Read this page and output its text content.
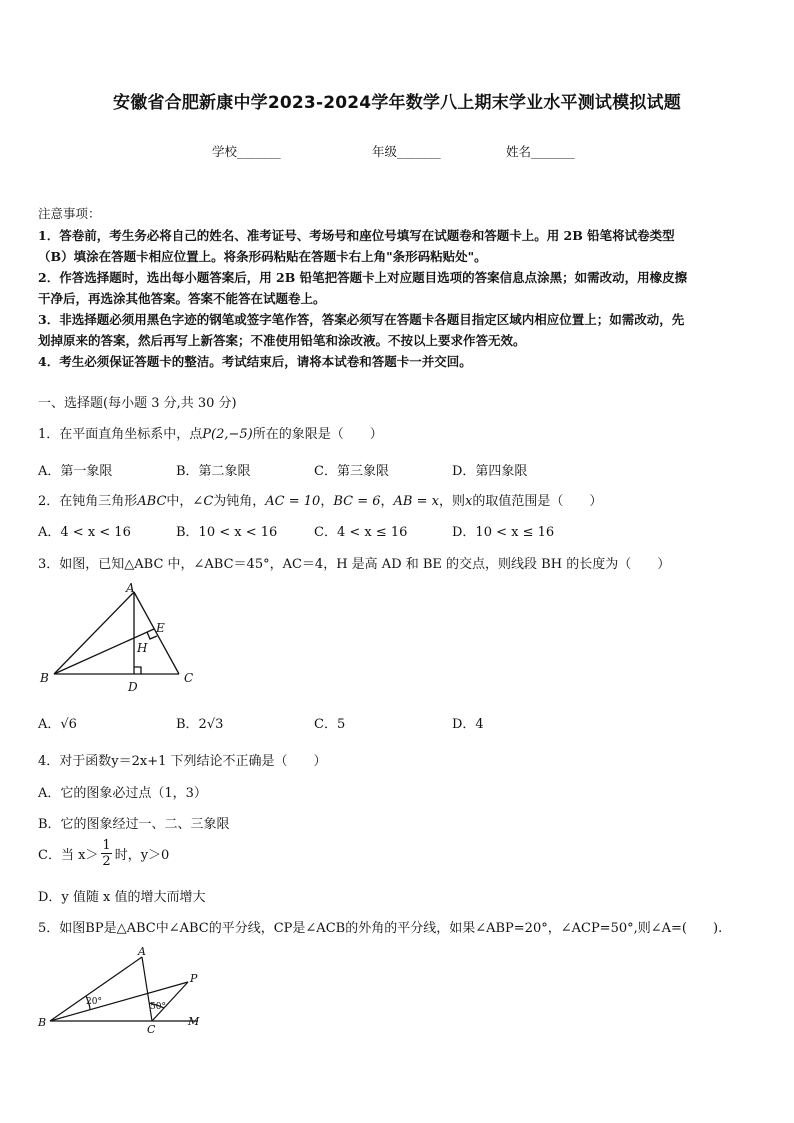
安徽省合肥新康中学2023-2024学年数学八上期末学业水平测试模拟试题
学校_______	年级_______	姓名_______
注意事项：
1．答卷前，考生务必将自己的姓名、准考证号、考场号和座位号填写在试题卷和答题卡上。用 2B 铅笔将试卷类型
（B）填涂在答题卡相应位置上。将条形码粘贴在答题卡右上角"条形码粘贴处"。
2．作答选择题时，选出每小题答案后，用 2B 铅笔把答题卡上对应题目选项的答案信息点涂黑；如需改动，用橡皮擦
干净后，再选涂其他答案。答案不能答在试题卷上。
3．非选择题必须用黑色字迹的钢笔或签字笔作答，答案必须写在答题卡各题目指定区域内相应位置上；如需改动，先
划掉原来的答案，然后再写上新答案；不准使用铅笔和涂改液。不按以上要求作答无效。
4．考生必须保证答题卡的整洁。考试结束后，请将本试卷和答题卡一并交回。
一、选择题(每小题 3 分,共 30 分)
1．在平面直角坐标系中，点P(2,−5)所在的象限是（　　）
A．第一象限	B．第二象限	C．第三象限	D．第四象限
2．在钝角三角形ABC中，∠C为钝角，AC = 10，BC = 6，AB = x，则x的取值范围是（　　）
A．4 < x < 16	B．10 < x < 16	C．4 < x ≤ 16	D．10 < x ≤ 16
3．如图，已知△ABC 中，∠ABC＝45°，AC＝4，H 是高 AD 和 BE 的交点，则线段 BH 的长度为（　　）
A
B	C
D
E
H
A．√6	B．2√3	C．5	D．4
4．对于函数y＝2x+1 下列结论不正确是（　　）
A．它的图象必过点（1，3）
B．它的图象经过一、二、三象限
C．当 x＞
1
2 时，y＞0
D．y 值随 x 值的增大而增大
5．如图BP是△ABC中∠ABC的平分线，CP是∠ACB的外角的平分线，如果∠ABP=20°，∠ACP=50°,则∠A=(　　).
A
B
C
P
M
20°	50°
